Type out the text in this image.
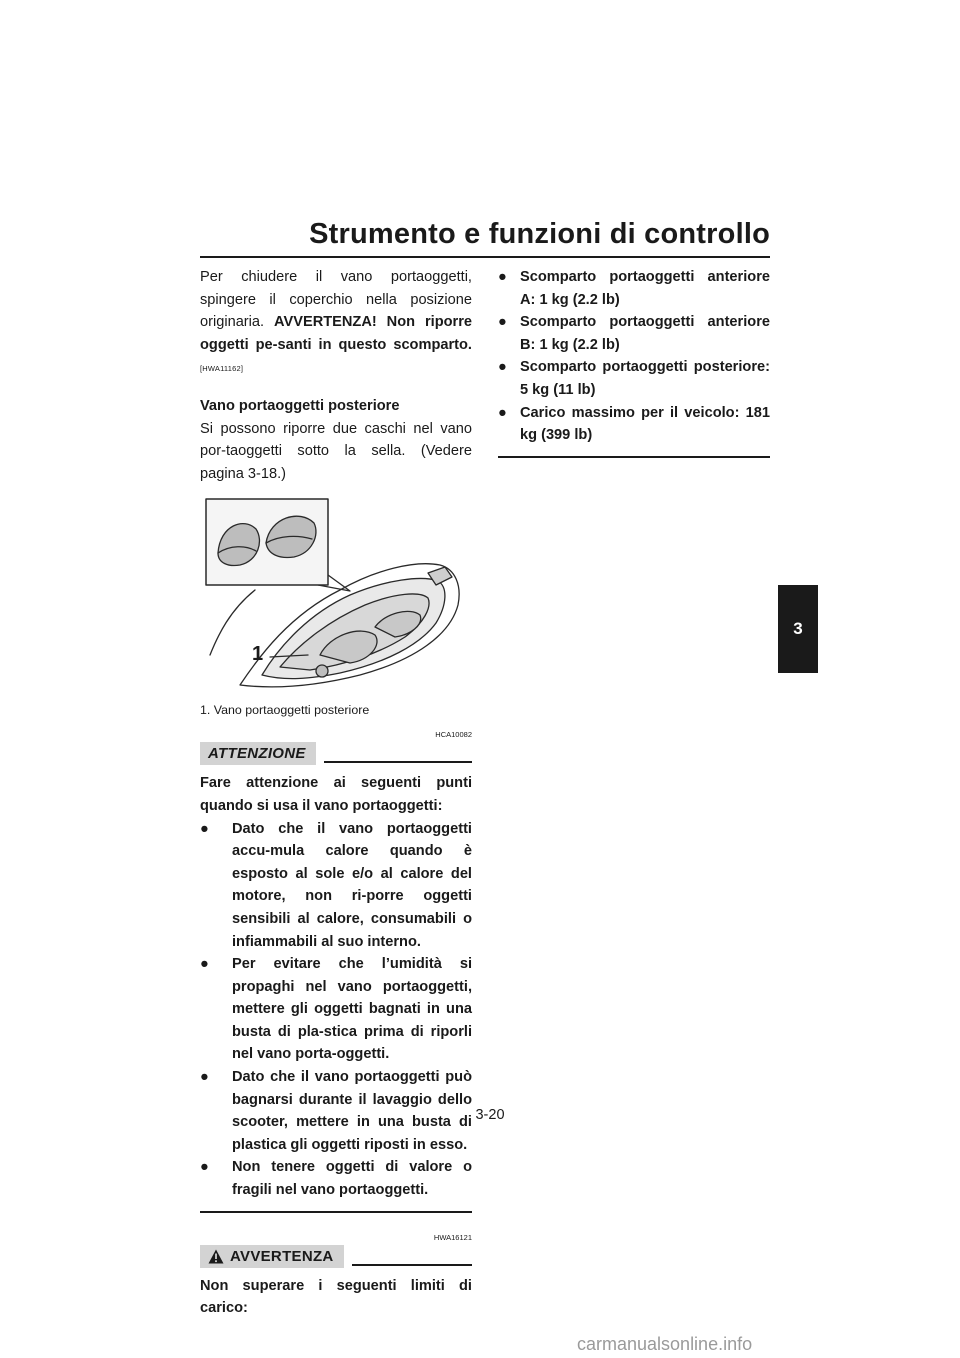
Strumento e funzioni di controllo
3

Per chiudere il vano portaoggetti, spingere il coperchio nella posizione originaria. AVVERTENZA! Non riporre oggetti pe-santi in questo scomparto. [HWA11162]

Vano portaoggetti posteriore

Si possono riporre due caschi nel vano por-taoggetti sotto la sella. (Vedere pagina 3-18.)

1
1. Vano portaoggetti posteriore
HCA10082
ATTENZIONE

Fare attenzione ai seguenti punti quando si usa il vano portaoggetti:

● Dato che il vano portaoggetti accu-mula calore quando è esposto al sole e/o al calore del motore, non ri-porre oggetti sensibili al calore, consumabili o infiammabili al suo interno.
● Per evitare che l’umidità si propaghi nel vano portaoggetti, mettere gli oggetti bagnati in una busta di pla-stica prima di riporli nel vano porta-oggetti.
● Dato che il vano portaoggetti può bagnarsi durante il lavaggio dello scooter, mettere in una busta di plastica gli oggetti riposti in esso.
● Non tenere oggetti di valore o fragili nel vano portaoggetti.
HWA16121
AVVERTENZA

Non superare i seguenti limiti di carico:

● Scomparto portaoggetti anteriore A: 1 kg (2.2 lb)
● Scomparto portaoggetti anteriore B: 1 kg (2.2 lb)
● Scomparto portaoggetti posteriore: 5 kg (11 lb)
● Carico massimo per il veicolo: 181 kg (399 lb)
3-20
carmanualsonline.info
